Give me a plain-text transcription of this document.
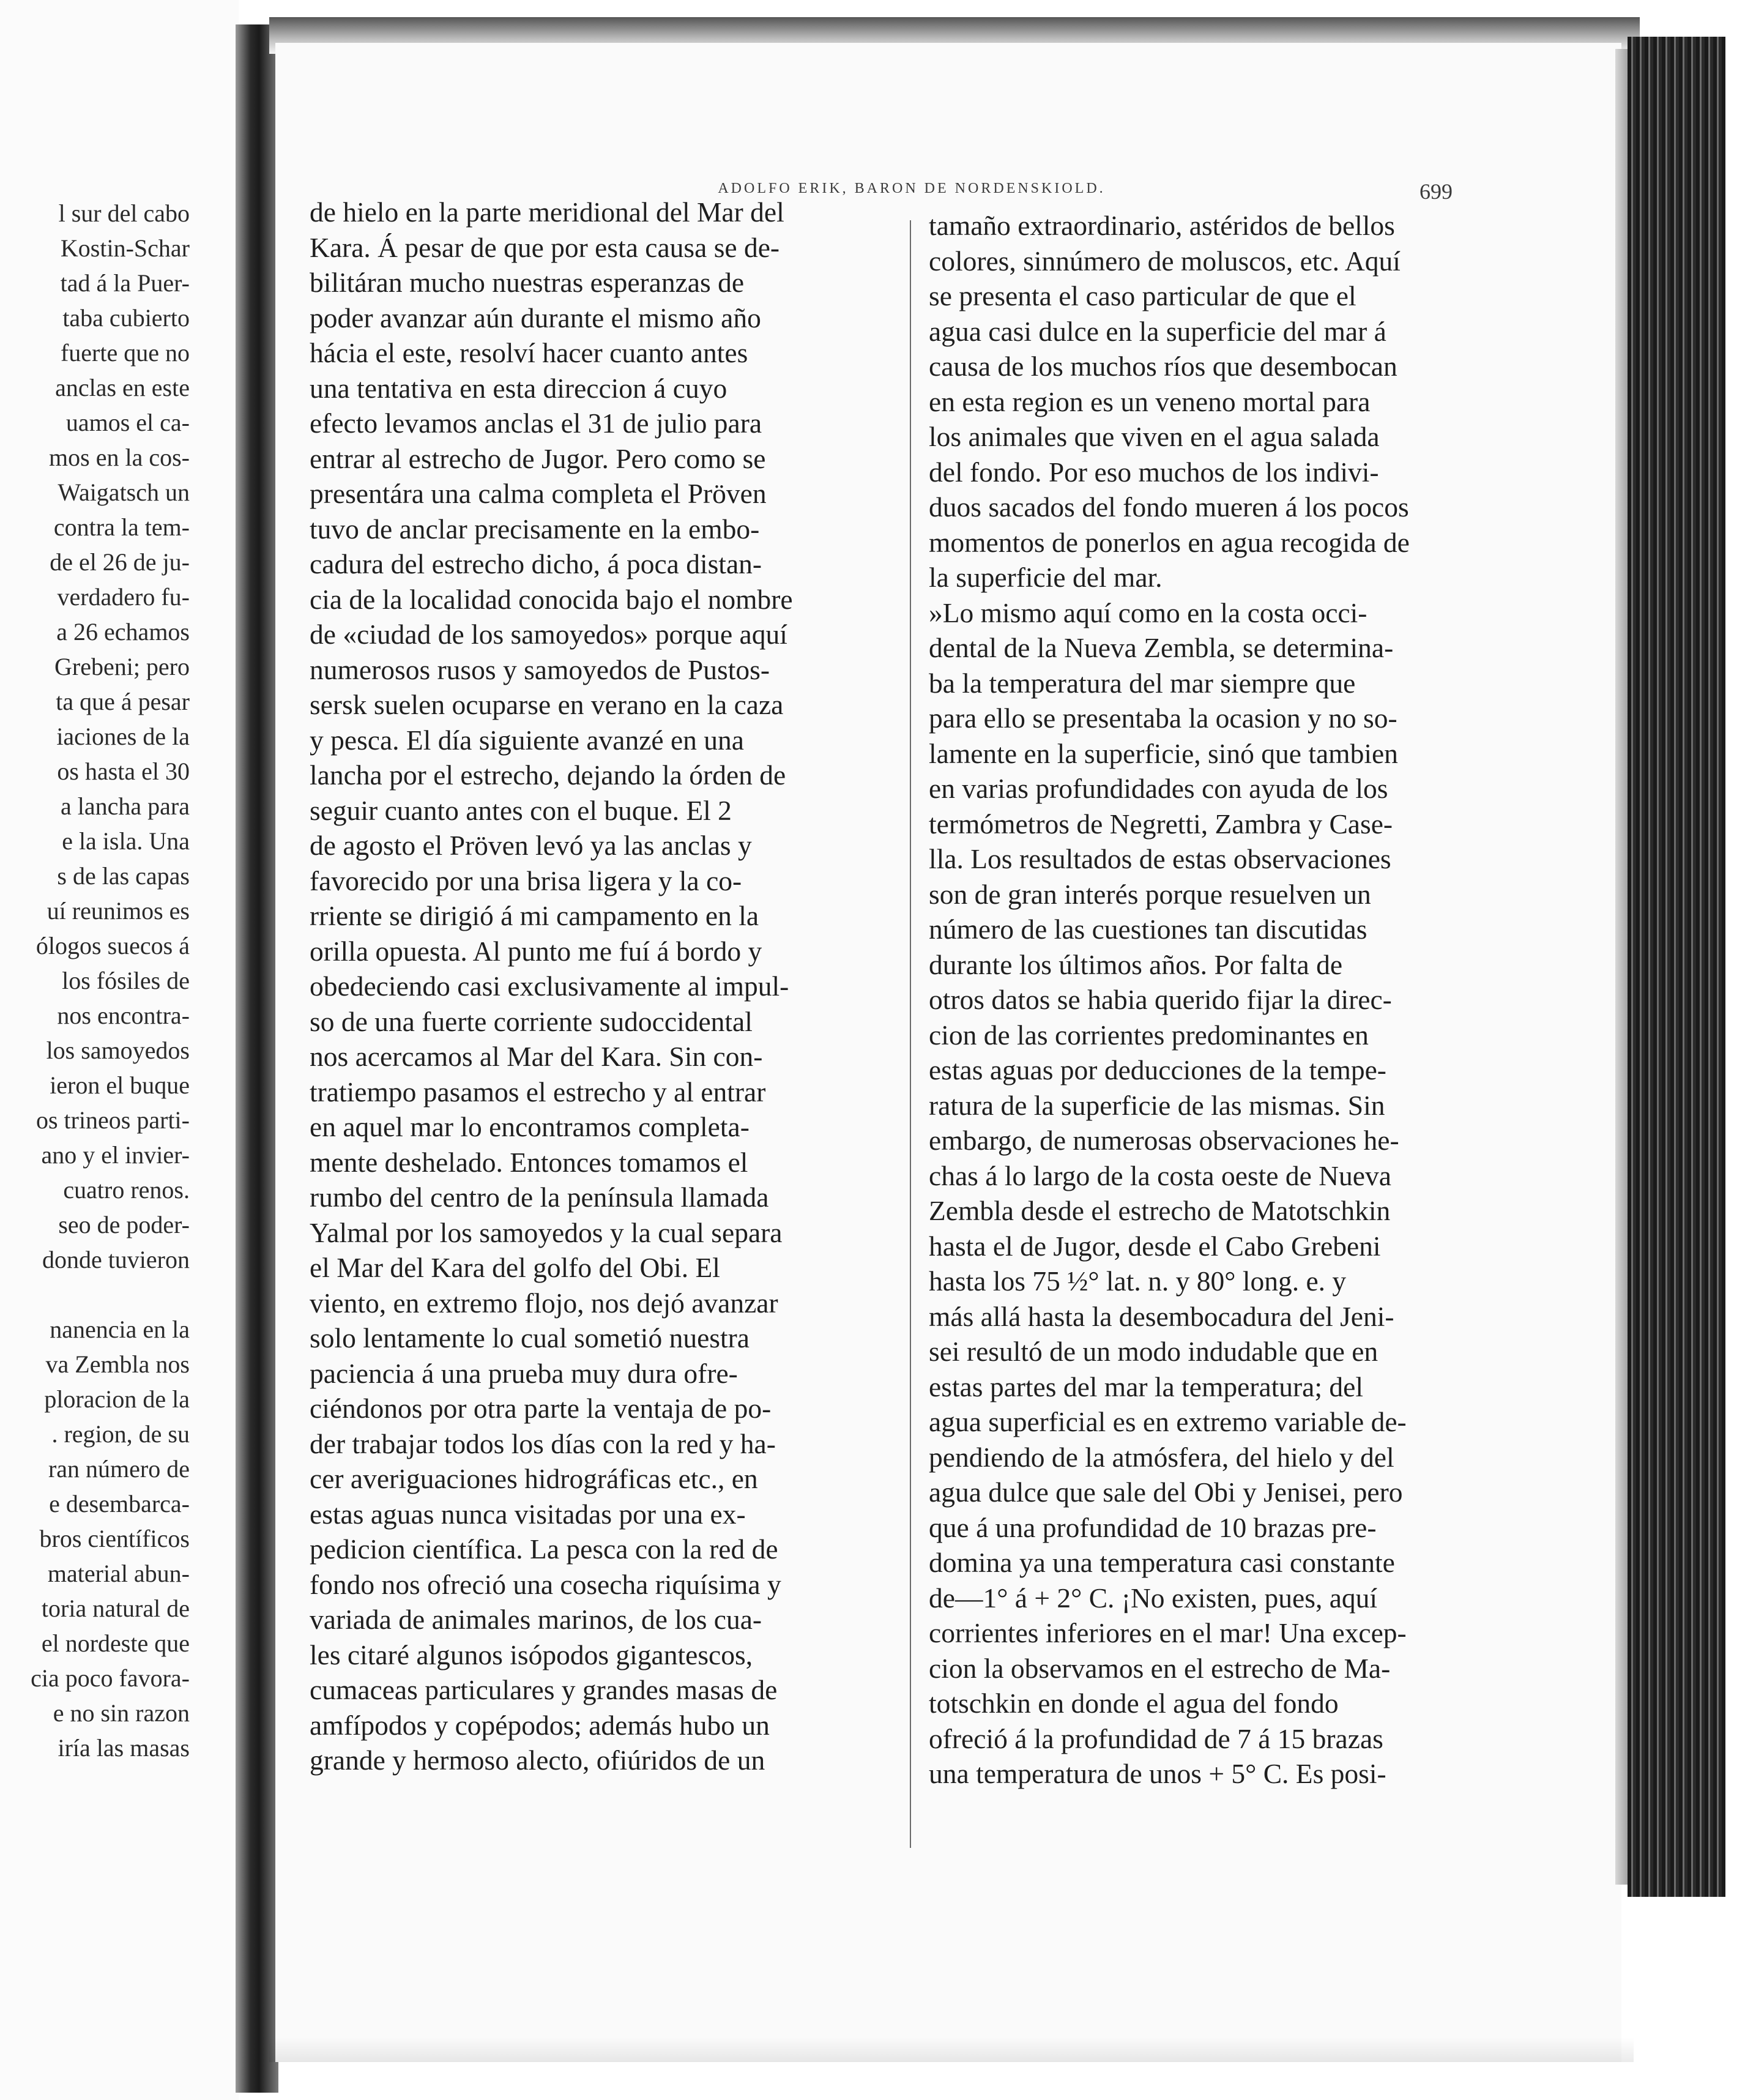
l sur del cabo
Kostin-Schar
tad á la Puer-
taba cubierto
fuerte que no
anclas en este
uamos el ca-
mos en la cos-
Waigatsch un
contra la tem-
de el 26 de ju-
verdadero fu-
a 26 echamos
Grebeni; pero
ta que á pesar
iaciones de la
os hasta el 30
a lancha para
e la isla. Una
s de las capas
uí reunimos es
ólogos suecos á
los fósiles de
nos encontra-
los samoyedos
ieron el buque
os trineos parti-
ano y el invier-
cuatro renos.
seo de poder-
donde tuvieron

nanencia en la
va Zembla nos
ploracion de la
. region, de su
ran número de
e desembarca-
bros científicos
material abun-
toria natural de
el nordeste que
cia poco favora-
e no sin razon
iría las masas
ADOLFO ERIK, BARON DE NORDENSKIOLD.	699
de hielo en la parte meridional del Mar del
Kara. Á pesar de que por esta causa se de-
bilitáran mucho nuestras esperanzas de
poder avanzar aún durante el mismo año
hácia el este, resolví hacer cuanto antes
una tentativa en esta direccion á cuyo
efecto levamos anclas el 31 de julio para
entrar al estrecho de Jugor. Pero como se
presentára una calma completa el Pröven
tuvo de anclar precisamente en la embo-
cadura del estrecho dicho, á poca distan-
cia de la localidad conocida bajo el nombre
de «ciudad de los samoyedos» porque aquí
numerosos rusos y samoyedos de Pustos-
sersk suelen ocuparse en verano en la caza
y pesca. El día siguiente avanzé en una
lancha por el estrecho, dejando la órden de
seguir cuanto antes con el buque. El 2
de agosto el Pröven levó ya las anclas y
favorecido por una brisa ligera y la co-
rriente se dirigió á mi campamento en la
orilla opuesta. Al punto me fuí á bordo y
obedeciendo casi exclusivamente al impul-
so de una fuerte corriente sudoccidental
nos acercamos al Mar del Kara. Sin con-
tratiempo pasamos el estrecho y al entrar
en aquel mar lo encontramos completa-
mente deshelado. Entonces tomamos el
rumbo del centro de la península llamada
Yalmal por los samoyedos y la cual separa
el Mar del Kara del golfo del Obi. El
viento, en extremo flojo, nos dejó avanzar
solo lentamente lo cual sometió nuestra
paciencia á una prueba muy dura ofre-
ciéndonos por otra parte la ventaja de po-
der trabajar todos los días con la red y ha-
cer averiguaciones hidrográficas etc., en
estas aguas nunca visitadas por una ex-
pedicion científica. La pesca con la red de
fondo nos ofreció una cosecha riquísima y
variada de animales marinos, de los cua-
les citaré algunos isópodos gigantescos,
cumaceas particulares y grandes masas de
amfípodos y copépodos; además hubo un
grande y hermoso alecto, ofiúridos de un
tamaño extraordinario, astéridos de bellos
colores, sinnúmero de moluscos, etc. Aquí
se presenta el caso particular de que el
agua casi dulce en la superficie del mar á
causa de los muchos ríos que desembocan
en esta region es un veneno mortal para
los animales que viven en el agua salada
del fondo. Por eso muchos de los indivi-
duos sacados del fondo mueren á los pocos
momentos de ponerlos en agua recogida de
la superficie del mar.
»Lo mismo aquí como en la costa occi-
dental de la Nueva Zembla, se determina-
ba la temperatura del mar siempre que
para ello se presentaba la ocasion y no so-
lamente en la superficie, sinó que tambien
en varias profundidades con ayuda de los
termómetros de Negretti, Zambra y Case-
lla. Los resultados de estas observaciones
son de gran interés porque resuelven un
número de las cuestiones tan discutidas
durante los últimos años. Por falta de
otros datos se habia querido fijar la direc-
cion de las corrientes predominantes en
estas aguas por deducciones de la tempe-
ratura de la superficie de las mismas. Sin
embargo, de numerosas observaciones he-
chas á lo largo de la costa oeste de Nueva
Zembla desde el estrecho de Matotschkin
hasta el de Jugor, desde el Cabo Grebeni
hasta los 75 ½° lat. n. y 80° long. e. y
más allá hasta la desembocadura del Jeni-
sei resultó de un modo indudable que en
estas partes del mar la temperatura; del
agua superficial es en extremo variable de-
pendiendo de la atmósfera, del hielo y del
agua dulce que sale del Obi y Jenisei, pero
que á una profundidad de 10 brazas pre-
domina ya una temperatura casi constante
de—1° á + 2° C. ¡No existen, pues, aquí
corrientes inferiores en el mar! Una excep-
cion la observamos en el estrecho de Ma-
totschkin en donde el agua del fondo
ofreció á la profundidad de 7 á 15 brazas
una temperatura de unos + 5° C. Es posi-
